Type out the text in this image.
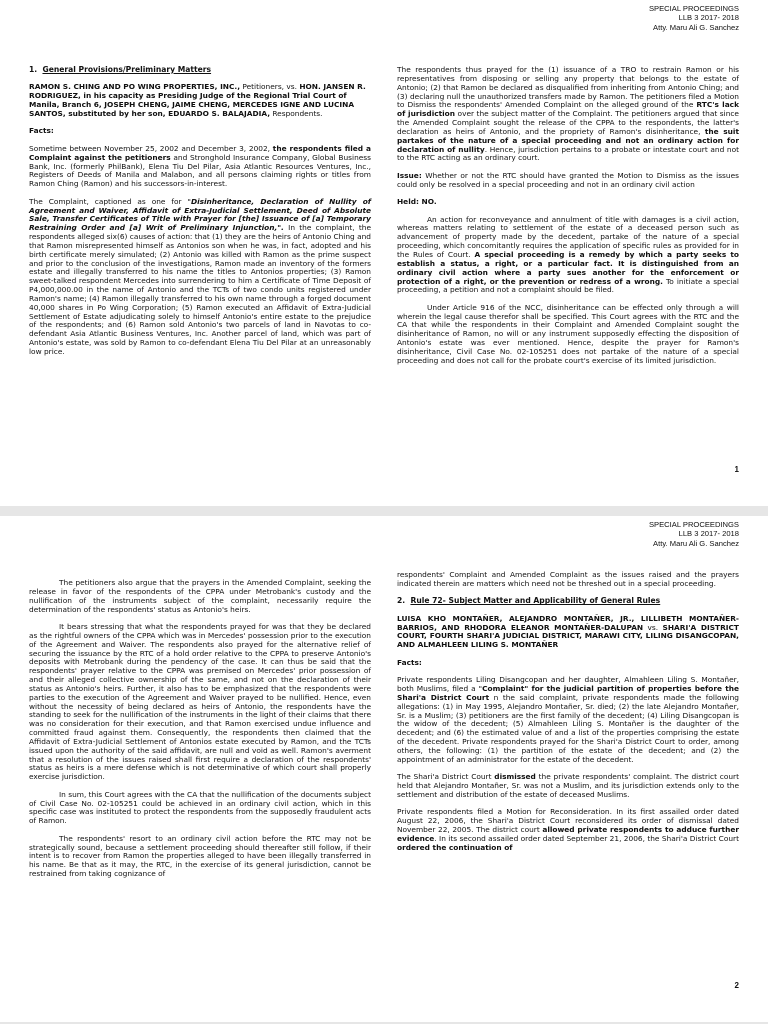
SPECIAL PROCEEDINGS
LLB 3 2017- 2018
Atty. Maru Ali G. Sanchez
1. General Provisions/Preliminary Matters

RAMON S. CHING AND PO WING PROPERTIES, INC., Petitioners, vs. HON. JANSEN R. RODRIGUEZ, in his capacity as Presiding Judge of the Regional Trial Court of Manila, Branch 6, JOSEPH CHENG, JAIME CHENG, MERCEDES IGNE AND LUCINA SANTOS, substituted by her son, EDUARDO S. BALAJADIA, Respondents.

Facts:

Sometime between November 25, 2002 and December 3, 2002, the respondents filed a Complaint against the petitioners and Stronghold Insurance Company, Global Business Bank, Inc. (formerly PhilBank), Elena Tiu Del Pilar, Asia Atlantic Resources Ventures, Inc., Registers of Deeds of Manila and Malabon, and all persons claiming rights or titles from Ramon Ching (Ramon) and his successors-in-interest.

The Complaint, captioned as one for "Disinheritance, Declaration of Nullity of Agreement and Waiver, Affidavit of Extra-Judicial Settlement, Deed of Absolute Sale, Transfer Certificates of Title with Prayer for [the] Issuance of [a] Temporary Restraining Order and [a] Writ of Preliminary Injunction,". In the complaint, the respondents alleged six(6) causes of action: that (1) they are the heirs of Antonio Ching and that Ramon misrepresented himself as Antonios son when he was, in fact, adopted and his birth certificate merely simulated; (2) Antonio was killed with Ramon as the prime suspect and prior to the conclusion of the investigations, Ramon made an inventory of the formers estate and illegally transferred to his name the titles to Antonios properties; (3) Ramon sweet-talked respondent Mercedes into surrendering to him a Certificate of Time Deposit of P4,000,000.00 in the name of Antonio and the TCTs of two condo units registered under Ramon's name; (4) Ramon illegally transferred to his own name through a forged document 40,000 shares in Po Wing Corporation; (5) Ramon executed an Affidavit of Extra-Judicial Settlement of Estate adjudicating solely to himself Antonio's entire estate to the prejudice of the respondents; and (6) Ramon sold Antonio's two parcels of land in Navotas to co-defendant Asia Atlantic Business Ventures, Inc. Another parcel of land, which was part of Antonio's estate, was sold by Ramon to co-defendant Elena Tiu Del Pilar at an unreasonably low price.

The respondents thus prayed for the (1) issuance of a TRO to restrain Ramon or his representatives from disposing or selling any property that belongs to the estate of Antonio; (2) that Ramon be declared as disqualified from inheriting from Antonio Ching; and (3) declaring null the unauthorized transfers made by Ramon. The petitioners filed a Motion to Dismiss the respondents' Amended Complaint on the alleged ground of the RTC's lack of jurisdiction over the subject matter of the Complaint. The petitioners argued that since the Amended Complaint sought the release of the CPPA to the respondents, the latter's declaration as heirs of Antonio, and the propriety of Ramon's disinheritance, the suit partakes of the nature of a special proceeding and not an ordinary action for declaration of nullity. Hence, jurisdiction pertains to a probate or intestate court and not to the RTC acting as an ordinary court.

Issue: Whether or not the RTC should have granted the Motion to Dismiss as the issues could only be resolved in a special proceeding and not in an ordinary civil action

Held: NO.

An action for reconveyance and annulment of title with damages is a civil action, whereas matters relating to settlement of the estate of a deceased person such as advancement of property made by the decedent, partake of the nature of a special proceeding, which concomitantly requires the application of specific rules as provided for in the Rules of Court. A special proceeding is a remedy by which a party seeks to establish a status, a right, or a particular fact. It is distinguished from an ordinary civil action where a party sues another for the enforcement or protection of a right, or the prevention or redress of a wrong. To initiate a special proceeding, a petition and not a complaint should be filed.

Under Article 916 of the NCC, disinheritance can be effected only through a will wherein the legal cause therefor shall be specified. This Court agrees with the RTC and the CA that while the respondents in their Complaint and Amended Complaint sought the disinheritance of Ramon, no will or any instrument supposedly effecting the disposition of Antonio's estate was ever mentioned. Hence, despite the prayer for Ramon's disinheritance, Civil Case No. 02-105251 does not partake of the nature of a special proceeding and does not call for the probate court's exercise of its limited jurisdiction.

1
SPECIAL PROCEEDINGS
LLB 3 2017- 2018
Atty. Maru Ali G. Sanchez

The petitioners also argue that the prayers in the Amended Complaint, seeking the release in favor of the respondents of the CPPA under Metrobank's custody and the nullification of the instruments subject of the complaint, necessarily require the determination of the respondents' status as Antonio's heirs.

It bears stressing that what the respondents prayed for was that they be declared as the rightful owners of the CPPA which was in Mercedes' possession prior to the execution of the Agreement and Waiver. The respondents also prayed for the alternative relief of securing the issuance by the RTC of a hold order relative to the CPPA to preserve Antonio's deposits with Metrobank during the pendency of the case. It can thus be said that the respondents' prayer relative to the CPPA was premised on Mercedes' prior possession of and their alleged collective ownership of the same, and not on the declaration of their status as Antonio's heirs. Further, it also has to be emphasized that the respondents were parties to the execution of the Agreement and Waiver prayed to be nullified. Hence, even without the necessity of being declared as heirs of Antonio, the respondents have the standing to seek for the nullification of the instruments in the light of their claims that there was no consideration for their execution, and that Ramon exercised undue influence and committed fraud against them. Consequently, the respondents then claimed that the Affidavit of Extra-Judicial Settlement of Antonios estate executed by Ramon, and the TCTs issued upon the authority of the said affidavit, are null and void as well. Ramon's averment that a resolution of the issues raised shall first require a declaration of the respondents' status as heirs is a mere defense which is not determinative of which court shall properly exercise jurisdiction.

In sum, this Court agrees with the CA that the nullification of the documents subject of Civil Case No. 02-105251 could be achieved in an ordinary civil action, which in this specific case was instituted to protect the respondents from the supposedly fraudulent acts of Ramon.

The respondents' resort to an ordinary civil action before the RTC may not be strategically sound, because a settlement proceeding should thereafter still follow, if their intent is to recover from Ramon the properties alleged to have been illegally transferred in his name. Be that as it may, the RTC, in the exercise of its general jurisdiction, cannot be restrained from taking cognizance of

respondents' Complaint and Amended Complaint as the issues raised and the prayers indicated therein are matters which need not be threshed out in a special proceeding.

2. Rule 72- Subject Matter and Applicability of General Rules

LUISA KHO MONTAÑER, ALEJANDRO MONTAÑER, JR., LILLIBETH MONTAÑER-BARRIOS, AND RHODORA ELEANOR MONTAÑER-DALUPAN vs. SHARI'A DISTRICT COURT, FOURTH SHARI'A JUDICIAL DISTRICT, MARAWI CITY, LILING DISANGCOPAN, AND ALMAHLEEN LILING S. MONTAÑER

Facts:

Private respondents Liling Disangcopan and her daughter, Almahleen Liling S. Montañer, both Muslims, filed a "Complaint" for the judicial partition of properties before the Shari'a District Court n the said complaint, private respondents made the following allegations: (1) in May 1995, Alejandro Montañer, Sr. died; (2) the late Alejandro Montañer, Sr. is a Muslim; (3) petitioners are the first family of the decedent; (4) Liling Disangcopan is the widow of the decedent; (5) Almahleen Liling S. Montañer is the daughter of the decedent; and (6) the estimated value of and a list of the properties comprising the estate of the decedent. Private respondents prayed for the Shari'a District Court to order, among others, the following: (1) the partition of the estate of the decedent; and (2) the appointment of an administrator for the estate of the decedent.

The Shari'a District Court dismissed the private respondents' complaint. The district court held that Alejandro Montañer, Sr. was not a Muslim, and its jurisdiction extends only to the settlement and distribution of the estate of deceased Muslims.

Private respondents filed a Motion for Reconsideration. In its first assailed order dated August 22, 2006, the Shari'a District Court reconsidered its order of dismissal dated November 22, 2005. The district court allowed private respondents to adduce further evidence. In its second assailed order dated September 21, 2006, the Shari'a District Court ordered the continuation of

2
